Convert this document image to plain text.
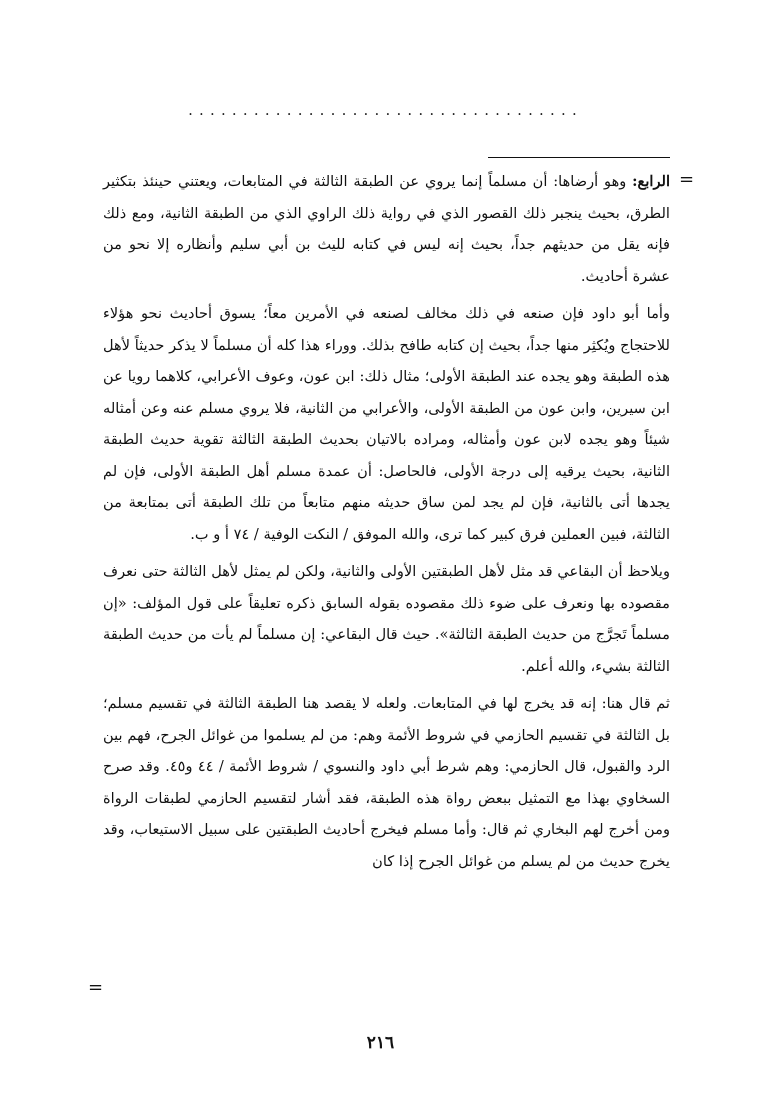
....................................
=

الرابع: وهو أرضاها: أن مسلماً إنما يروي عن الطبقة الثالثة في المتابعات، ويعتني حينئذ بتكثير الطرق، بحيث ينجبر ذلك القصور الذي في رواية ذلك الراوي الذي من الطبقة الثانية، ومع ذلك فإنه يقل من حديثهم جداً، بحيث إنه ليس في كتابه لليث بن أبي سليم وأنظاره إلا نحو من عشرة أحاديث.

وأما أبو داود فإن صنعه في ذلك مخالف لصنعه في الأمرين معاً؛ يسوق أحاديث نحو هؤلاء للاحتجاج ويُكثِر منها جداً، بحيث إن كتابه طافح بذلك. ووراء هذا كله أن مسلماً لا يذكر حديثاً لأهل هذه الطبقة وهو يجده عند الطبقة الأولى؛ مثال ذلك: ابن عون، وعوف الأعرابي، كلاهما رويا عن ابن سيرين، وابن عون من الطبقة الأولى، والأعرابي من الثانية، فلا يروي مسلم عنه وعن أمثاله شيئاً وهو يجده لابن عون وأمثاله، ومراده بالاتيان بحديث الطبقة الثالثة تقوية حديث الطبقة الثانية، بحيث يرقيه إلى درجة الأولى، فالحاصل: أن عمدة مسلم أهل الطبقة الأولى، فإن لم يجدها أتى بالثانية، فإن لم يجد لمن ساق حديثه منهم متابعاً من تلك الطبقة أتى بمتابعة من الثالثة، فبين العملين فرق كبير كما ترى، والله الموفق / النكت الوفية / ٧٤ أ و ب.

ويلاحظ أن البقاعي قد مثل لأهل الطبقتين الأولى والثانية، ولكن لم يمثل لأهل الثالثة حتى نعرف مقصوده بها ونعرف على ضوء ذلك مقصوده بقوله السابق ذكره تعليقاً على قول المؤلف: «إن مسلماً تَجرَّج من حديث الطبقة الثالثة». حيث قال البقاعي: إن مسلماً لم يأت من حديث الطبقة الثالثة بشيء، والله أعلم.

ثم قال هنا: إنه قد يخرج لها في المتابعات. ولعله لا يقصد هنا الطبقة الثالثة في تقسيم مسلم؛ بل الثالثة في تقسيم الحازمي في شروط الأئمة وهم: من لم يسلموا من غوائل الجرح، فهم بين الرد والقبول، قال الحازمي: وهم شرط أبي داود والنسوي / شروط الأئمة / ٤٤ و٤٥. وقد صرح السخاوي بهذا مع التمثيل ببعض رواة هذه الطبقة، فقد أشار لتقسيم الحازمي لطبقات الرواة ومن أخرج لهم البخاري ثم قال: وأما مسلم فيخرج أحاديث الطبقتين على سبيل الاستيعاب، وقد يخرج حديث من لم يسلم من غوائل الجرح إذا كان

=
٢١٦
